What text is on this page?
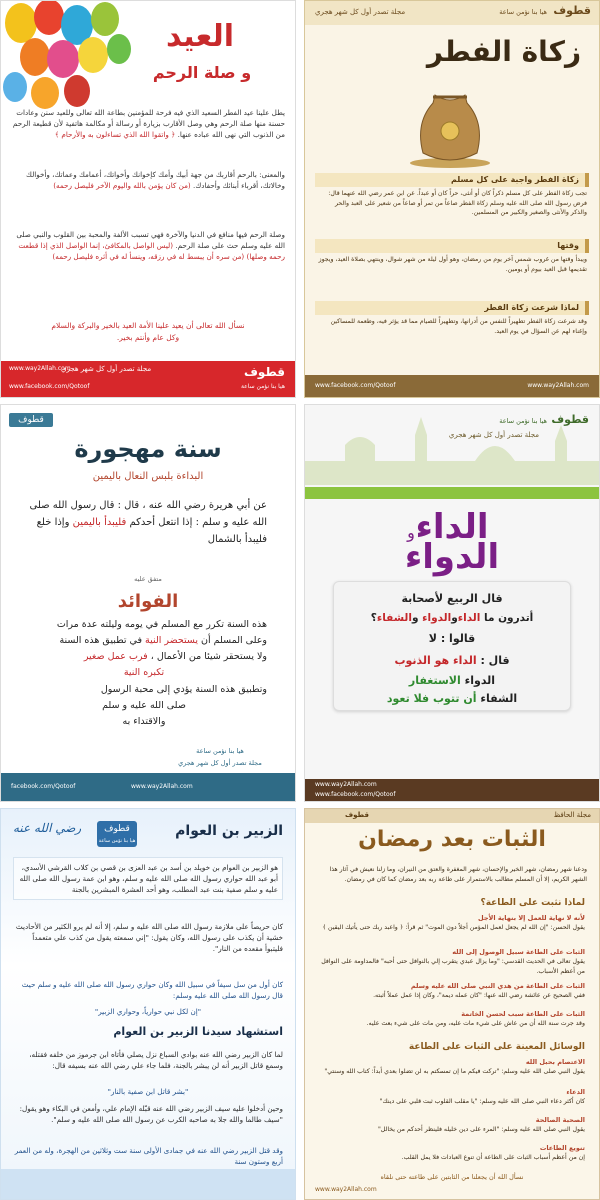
العيد
و صلة الرحم
يطل علينا عيد الفطر السعيد الذي فيه فرحة للمؤمنين بطاعة الله تعالى وللعيد سنن وعادات حسنة منها صلة الرحم وهي وصل الأقارب بزيارة أو رسالة أو مكالمة هاتفية لأن قطيعة الرحم من الذنوب التي نهى الله عباده عنها. ﴿ واتقوا الله الذي تساءلون به والأرحام ﴾
والمعنى: بالرحم أقاربك من جهة أبيك وأمك كإخوانك وأخواتك، أعمامك وعماتك، وأخوالك وخالاتك، أقرباء أبنائك وأحفادك. (من كان يؤمن بالله واليوم الآخر فليصل رحمه)
وصلة الرحم فيها منافع في الدنيا والآخرة فهي تسبب الألفة والمحبة بين القلوب والنبي صلى الله عليه وسلم حث على صلة الرحم. (ليس الواصل بالمكافئ، إنما الواصل الذي إذا قطعت رحمه وصلها) (من سره أن يبسط له في رزقه، وينسأ له في أثره فليصل رحمه)
نسأل الله تعالى أن يعيد علينا الأمة العيد بالخير والبركة والسلام
وكل عام وأنتم بخير.
قطوف
هيا بنا نؤمن ساعة
مجلة تصدر أول كل شهر هجري
www.way2Allah.com
www.facebook.com/Qotoof
قطوف
هيا بنا نؤمن ساعة
مجلة تصدر أول كل شهر هجري
زكاة الفطر
زكاة الفطر واجبة على كل مسلم
تجب زكاة الفطر على كل مسلم ذكراً كان أو أنثى، حراً كان أو عبداً. عن ابن عمر رضي الله عنهما قال: فرض رسول الله صلى الله عليه وسلم زكاة الفطر صاعاً من تمر أو صاعاً من شعير على العبد والحر والذكر والأنثى والصغير والكبير من المسلمين.
وقتها
ويبدأ وقتها من غروب شمس آخر يوم من رمضان، وهو أول ليلة من شهر شوال، وينتهي بصلاة العيد، ويجوز تقديمها قبل العيد بيوم أو يومين.
لماذا شرعت زكاة الفطر
وقد شرعت زكاة الفطر تطهيراً للنفس من أدرانها، وتطهيراً للصيام مما قد يؤثر فيه، وطعمة للمساكين وإغناء لهم عن السؤال في يوم العيد.
www.facebook.com/Qotoof	www.way2Allah.com
قطوف
سنة مهجورة
البداءة بلبس النعال باليمين
عن أبي هريرة رضي الله عنه ، قال : قال رسول الله صلى الله عليه و سلم : إذا انتعل أحدكم فليبدأ باليمين وإذا خلع فليبدأ بالشمال
متفق عليه
الفوائد
هذه السنة تكرر مع المسلم في يومه وليلته عدة مرات
وعلى المسلم أن يستحضر النية في تطبيق هذه السنة
ولا يستحقر شيئا من الأعمال ، فرب عمل صغير
تكبره النية
وتطبيق هذه السنة يؤدي إلى محبة الرسول
صلى الله عليه و سلم
والاقتداء به
هيا بنا نؤمن ساعة
مجلة تصدر أول كل شهر هجري
facebook.com/Qotoof	www.way2Allah.com
قطوف
هيا بنا نؤمن ساعة
مجلة تصدر أول كل شهر هجري
الداء
و
الدواء
قال الربيع لأصحابة
أتدرون ما الداءوالدواء والشفاء؟
قالوا : لا
قال : الداء هو الذنوب
الدواء الاستغفار
الشفاء أن تتوب فلا تعود
www.way2Allah.com
www.facebook.com/Qotoof
رضي الله عنه	قطوف
هيا بنا نؤمن ساعة
الزبير بن العوام
هو الزبير بن العوام بن خويلد بن أسد بن عبد العزى بن قصي بن كلاب القرشي الأسدي، أبو عبد الله حواري رسول الله صلى الله عليه و سلم، وهو ابن عمة رسول الله صلى الله عليه و سلم صفية بنت عبد المطلب، وهو أحد العشرة المبشرين بالجنة
كان حريصاً على ملازمة رسول الله صلى الله عليه و سلم، إلا أنه لم يرو الكثير من الأحاديث خشية أن يكذب على رسول الله، وكان يقول: "إني سمعته يقول من كذب علي متعمداً فليتبوأ مقعده من النار".
كان أول من سل سيفاً في سبيل الله وكان حواري رسول الله صلى الله عليه و سلم حيث قال رسول الله صلى الله عليه وسلم:
"إن لكل نبي حوارياً، وحواري الزبير"
استشهاد سيدنا الزبير بن العوام
لما كان الزبير رضي الله عنه بوادي السباع نزل يصلي فأتاه ابن جرموز من خلفه فقتله، وسمع قاتل الزبير أنه لن يبشر بالجنة، فلما جاء علي رضي الله عنه بسيفه قال:
"بشر قاتل ابن صفية بالنار"
وحين أدخلوا عليه سيف الزبير رضي الله عنه قبّله الإمام علي، وأمعن في البكاء وهو يقول: "سيف طالما والله جلا به صاحبه الكرب عن رسول الله صلى الله عليه و سلم".
وقد قتل الزبير رضي الله عنه في جمادى الأولى سنة ست وثلاثين من الهجرة، وله من العمر أربع وستون سنة
مجلة الحافظ
قطوف
الثبات بعد رمضان
ودعنا شهر رمضان، شهر الخير والإحسان، شهر المغفرة والعتق من النيران، وما زلنا نعيش في آثار هذا الشهر الكريم، إلا أن المسلم مطالب بالاستمرار على طاعة ربه بعد رمضان كما كان في رمضان.
لماذا نثبت على الطاعة؟
لأنه لا نهاية للعمل إلا بنهاية الأجل
يقول الحسن: "إن الله لم يجعل لعمل المؤمن أجلاً دون الموت" ثم قرأ: ﴿ واعبد ربك حتى يأتيك اليقين ﴾
الثبات على الطاعة سبيل الوصول إلى الله
يقول تعالى في الحديث القدسي: "وما يزال عبدي يتقرب إلي بالنوافل حتى أحبه" فالمداومة على النوافل من أعظم الأسباب.
الثبات على الطاعة من هدي النبي صلى الله عليه وسلم
ففي الصحيح عن عائشة رضي الله عنها: "كان عمله ديمة"، وكان إذا عمل عملاً أثبته.
الثبات على الطاعة سبب لحسن الخاتمة
وقد جرت سنة الله أن من عاش على شيء مات عليه، ومن مات على شيء بعث عليه.
الوسائل المعينة على الثبات على الطاعة
الاعتصام بحبل الله
يقول النبي صلى الله عليه وسلم: "تركت فيكم ما إن تمسكتم به لن تضلوا بعدي أبداً: كتاب الله وسنتي"
الدعاء
كان أكثر دعاء النبي صلى الله عليه وسلم: "يا مقلب القلوب ثبت قلبي على دينك"
الصحبة الصالحة
يقول النبي صلى الله عليه وسلم: "المرء على دين خليله فلينظر أحدكم من يخالل"
تنويع الطاعات
إن من أعظم أسباب الثبات على الطاعة أن تنوع العبادات فلا يمل القلب.
نسأل الله أن يجعلنا من الثابتين على طاعته حتى نلقاه
www.way2Allah.com
